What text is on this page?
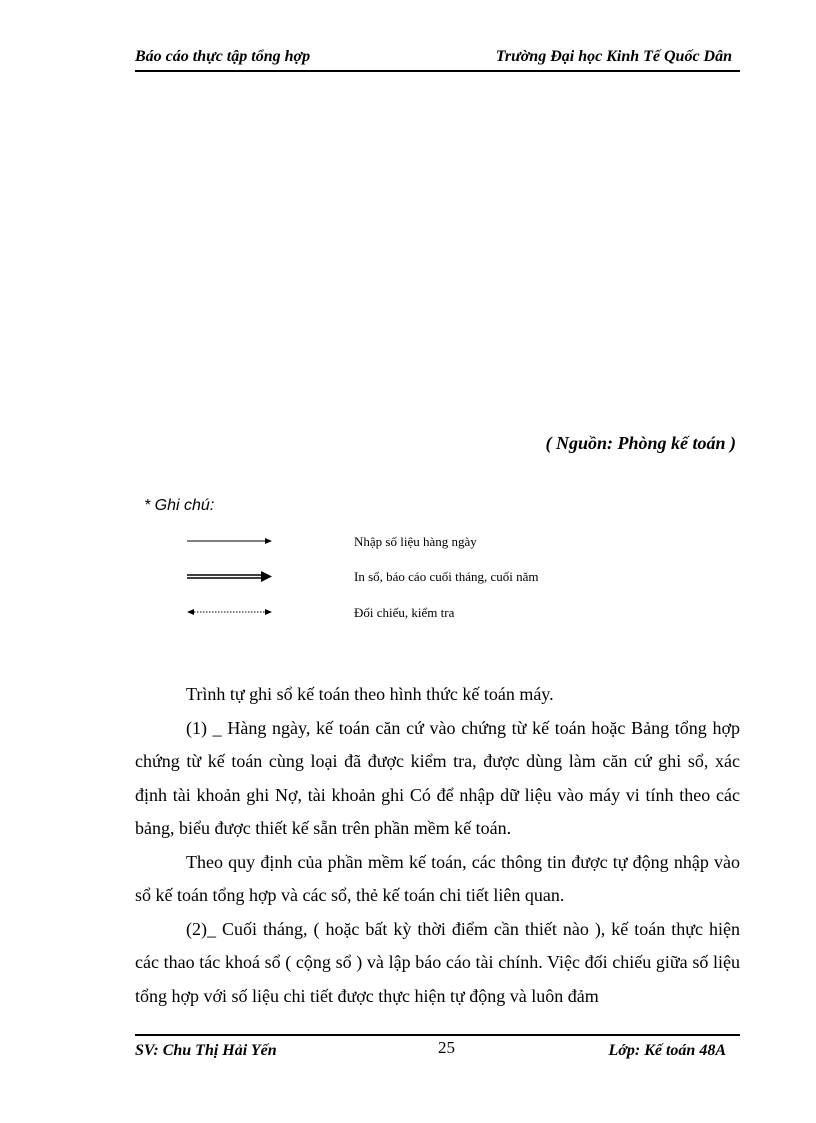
Báo cáo thực tập tổng hợp	Trường Đại học Kinh Tế Quốc Dân
( Nguồn: Phòng kế toán )
* Ghi chú:
Nhập số liệu hàng ngày
In sổ, báo cáo cuối tháng, cuối năm
Đối chiếu, kiểm tra

Trình tự ghi sổ kế toán theo hình thức kế toán máy.

(1) _ Hàng ngày, kế toán căn cứ vào chứng từ kế toán hoặc Bảng tổng hợp chứng từ kế toán cùng loại đã được kiểm tra, được dùng làm căn cứ ghi sổ, xác định tài khoản ghi Nợ, tài khoản ghi Có để nhập dữ liệu vào máy vi tính theo các bảng, biểu được thiết kế sẵn trên phần mềm kế toán.

Theo quy định của phần mềm kế toán, các thông tin được tự động nhập vào sổ kế toán tổng hợp và các sổ, thẻ kế toán chi tiết liên quan.

(2)_ Cuối tháng, ( hoặc bất kỳ thời điểm cần thiết nào ), kế toán thực hiện các thao tác khoá sổ ( cộng sổ ) và lập báo cáo tài chính. Việc đối chiếu giữa số liệu tổng hợp với số liệu chi tiết được thực hiện tự động và luôn đảm

SV: Chu Thị Hải Yến	25	Lớp: Kế toán 48A
